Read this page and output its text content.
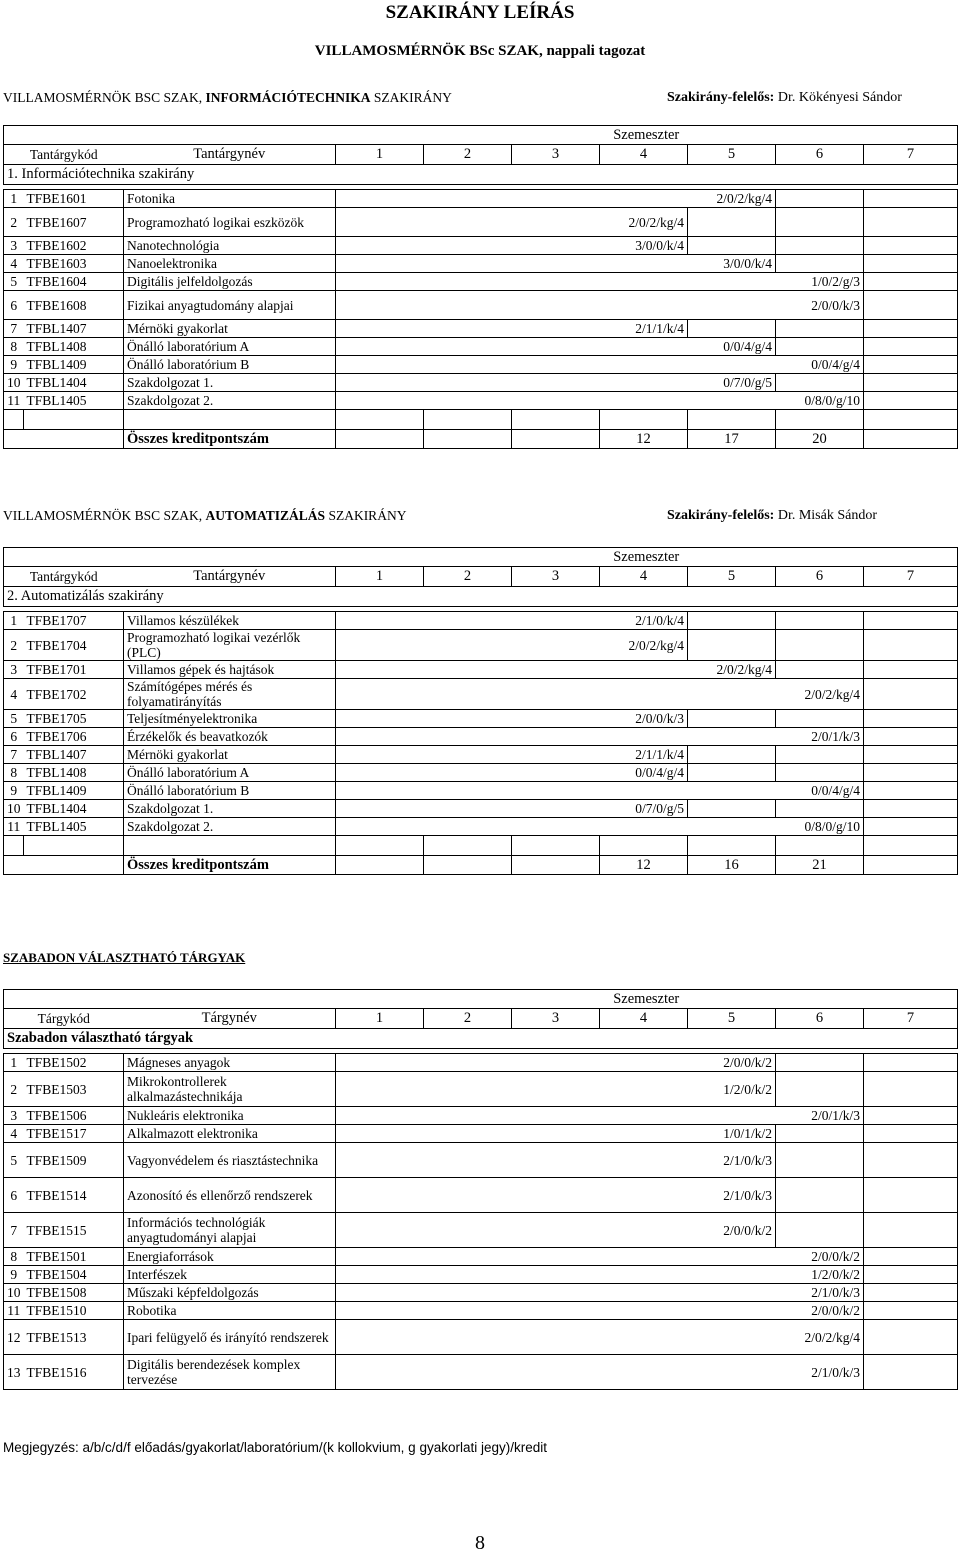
SZAKIRÁNY LEÍRÁS
VILLAMOSMÉRNÖK BSc SZAK, nappali tagozat
VILLAMOSMÉRNÖK BSC SZAK, INFORMÁCIÓTECHNIKA SZAKIRÁNY	Szakirány-felelős: Dr. Kökényesi Sándor
			Szemeszter						
Tantárgykód		Tantárgynév	1	2	3	4	5	6	7
1. Információtechnika szakirány									

1	TFBE1601	Fotonika					2/0/2/kg/4		
2	TFBE1607	Programozható logikai eszközök				2/0/2/kg/4			
3	TFBE1602	Nanotechnológia				3/0/0/k/4			
4	TFBE1603	Nanoelektronika					3/0/0/k/4		
5	TFBE1604	Digitális jelfeldolgozás						1/0/2/g/3	
6	TFBE1608	Fizikai anyagtudomány alapjai						2/0/0/k/3	
7	TFBL1407	Mérnöki gyakorlat				2/1/1/k/4			
8	TFBL1408	Önálló laboratórium A					0/0/4/g/4		
9	TFBL1409	Önálló laboratórium B						0/0/4/g/4	
10	TFBL1404	Szakdolgozat 1.					0/7/0/g/5		
11	TFBL1405	Szakdolgozat 2.						0/8/0/g/10	

		Összes kreditpontszám				12	17	20	
VILLAMOSMÉRNÖK BSC SZAK, AUTOMATIZÁLÁS SZAKIRÁNY	Szakirány-felelős: Dr. Misák Sándor
			Szemeszter						
Tantárgykód		Tantárgynév	1	2	3	4	5	6	7
2. Automatizálás szakirány									

1	TFBE1707	Villamos készülékek				2/1/0/k/4			
2	TFBE1704	Programozható logikai vezérlők (PLC)				2/0/2/kg/4			
3	TFBE1701	Villamos gépek és hajtások					2/0/2/kg/4		
4	TFBE1702	Számítógépes mérés és folyamatirányítás						2/0/2/kg/4	
5	TFBE1705	Teljesítményelektronika				2/0/0/k/3			
6	TFBE1706	Érzékelők és beavatkozók						2/0/1/k/3	
7	TFBL1407	Mérnöki gyakorlat				2/1/1/k/4			
8	TFBL1408	Önálló laboratórium A				0/0/4/g/4			
9	TFBL1409	Önálló laboratórium B						0/0/4/g/4	
10	TFBL1404	Szakdolgozat 1.				0/7/0/g/5			
11	TFBL1405	Szakdolgozat 2.						0/8/0/g/10	

		Összes kreditpontszám				12	16	21	
SZABADON VÁLASZTHATÓ TÁRGYAK
			Szemeszter						
Tárgykód		Tárgynév	1	2	3	4	5	6	7
Szabadon választható tárgyak									

1	TFBE1502	Mágneses anyagok					2/0/0/k/2		
2	TFBE1503	Mikrokontrollerek alkalmazástechnikája					1/2/0/k/2		
3	TFBE1506	Nukleáris elektronika						2/0/1/k/3	
4	TFBE1517	Alkalmazott elektronika					1/0/1/k/2		
5	TFBE1509	Vagyonvédelem és riasztástechnika					2/1/0/k/3		
6	TFBE1514	Azonosító és ellenőrző rendszerek					2/1/0/k/3		
7	TFBE1515	Információs technológiák anyagtudományi alapjai					2/0/0/k/2		
8	TFBE1501	Energiaforrások						2/0/0/k/2	
9	TFBE1504	Interfészek						1/2/0/k/2	
10	TFBE1508	Műszaki képfeldolgozás						2/1/0/k/3	
11	TFBE1510	Robotika						2/0/0/k/2	
12	TFBE1513	Ipari felügyelő és irányító rendszerek						2/0/2/kg/4	
13	TFBE1516	Digitális berendezések komplex tervezése						2/1/0/k/3	
Megjegyzés: a/b/c/d/f előadás/gyakorlat/laboratórium/(k kollokvium, g gyakorlati jegy)/kredit
8
